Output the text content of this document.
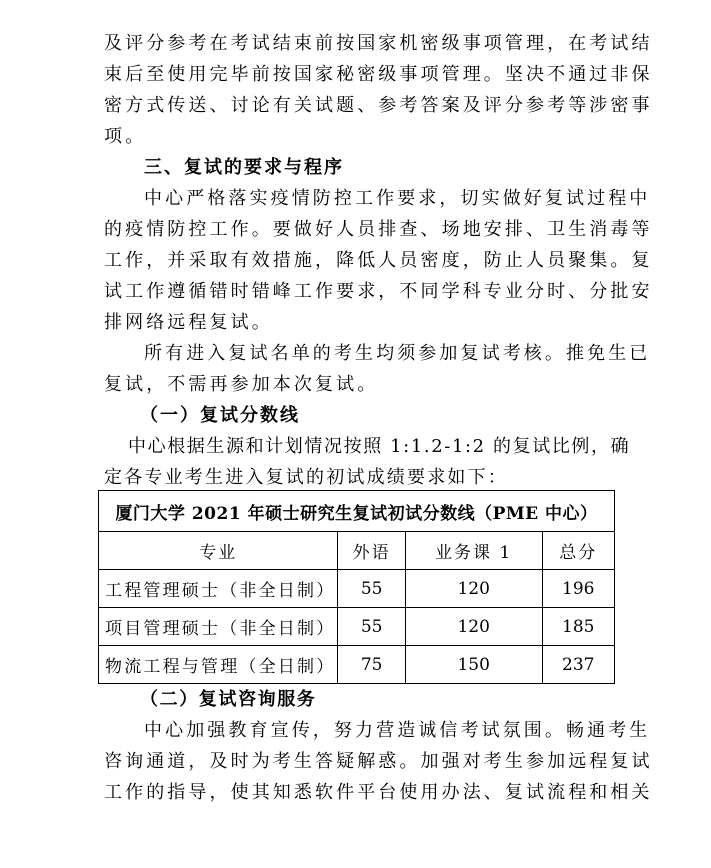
及评分参考在考试结束前按国家机密级事项管理，在考试结
束后至使用完毕前按国家秘密级事项管理。坚决不通过非保
密方式传送、讨论有关试题、参考答案及评分参考等涉密事
项。
三、复试的要求与程序
中心严格落实疫情防控工作要求，切实做好复试过程中
的疫情防控工作。要做好人员排查、场地安排、卫生消毒等
工作，并采取有效措施，降低人员密度，防止人员聚集。复
试工作遵循错时错峰工作要求，不同学科专业分时、分批安
排网络远程复试。
所有进入复试名单的考生均须参加复试考核。推免生已
复试，不需再参加本次复试。
（一）复试分数线
中心根据生源和计划情况按照 1:1.2-1:2 的复试比例，确
定各专业考生进入复试的初试成绩要求如下：
厦门大学 2021 年硕士研究生复试初试分数线（PME 中心）			
专业	外语	业务课 1	总分
工程管理硕士（非全日制）	55	120	196
项目管理硕士（非全日制）	55	120	185
物流工程与管理（全日制）	75	150	237
（二）复试咨询服务
中心加强教育宣传，努力营造诚信考试氛围。畅通考生
咨询通道，及时为考生答疑解惑。加强对考生参加远程复试
工作的指导，使其知悉软件平台使用办法、复试流程和相关
